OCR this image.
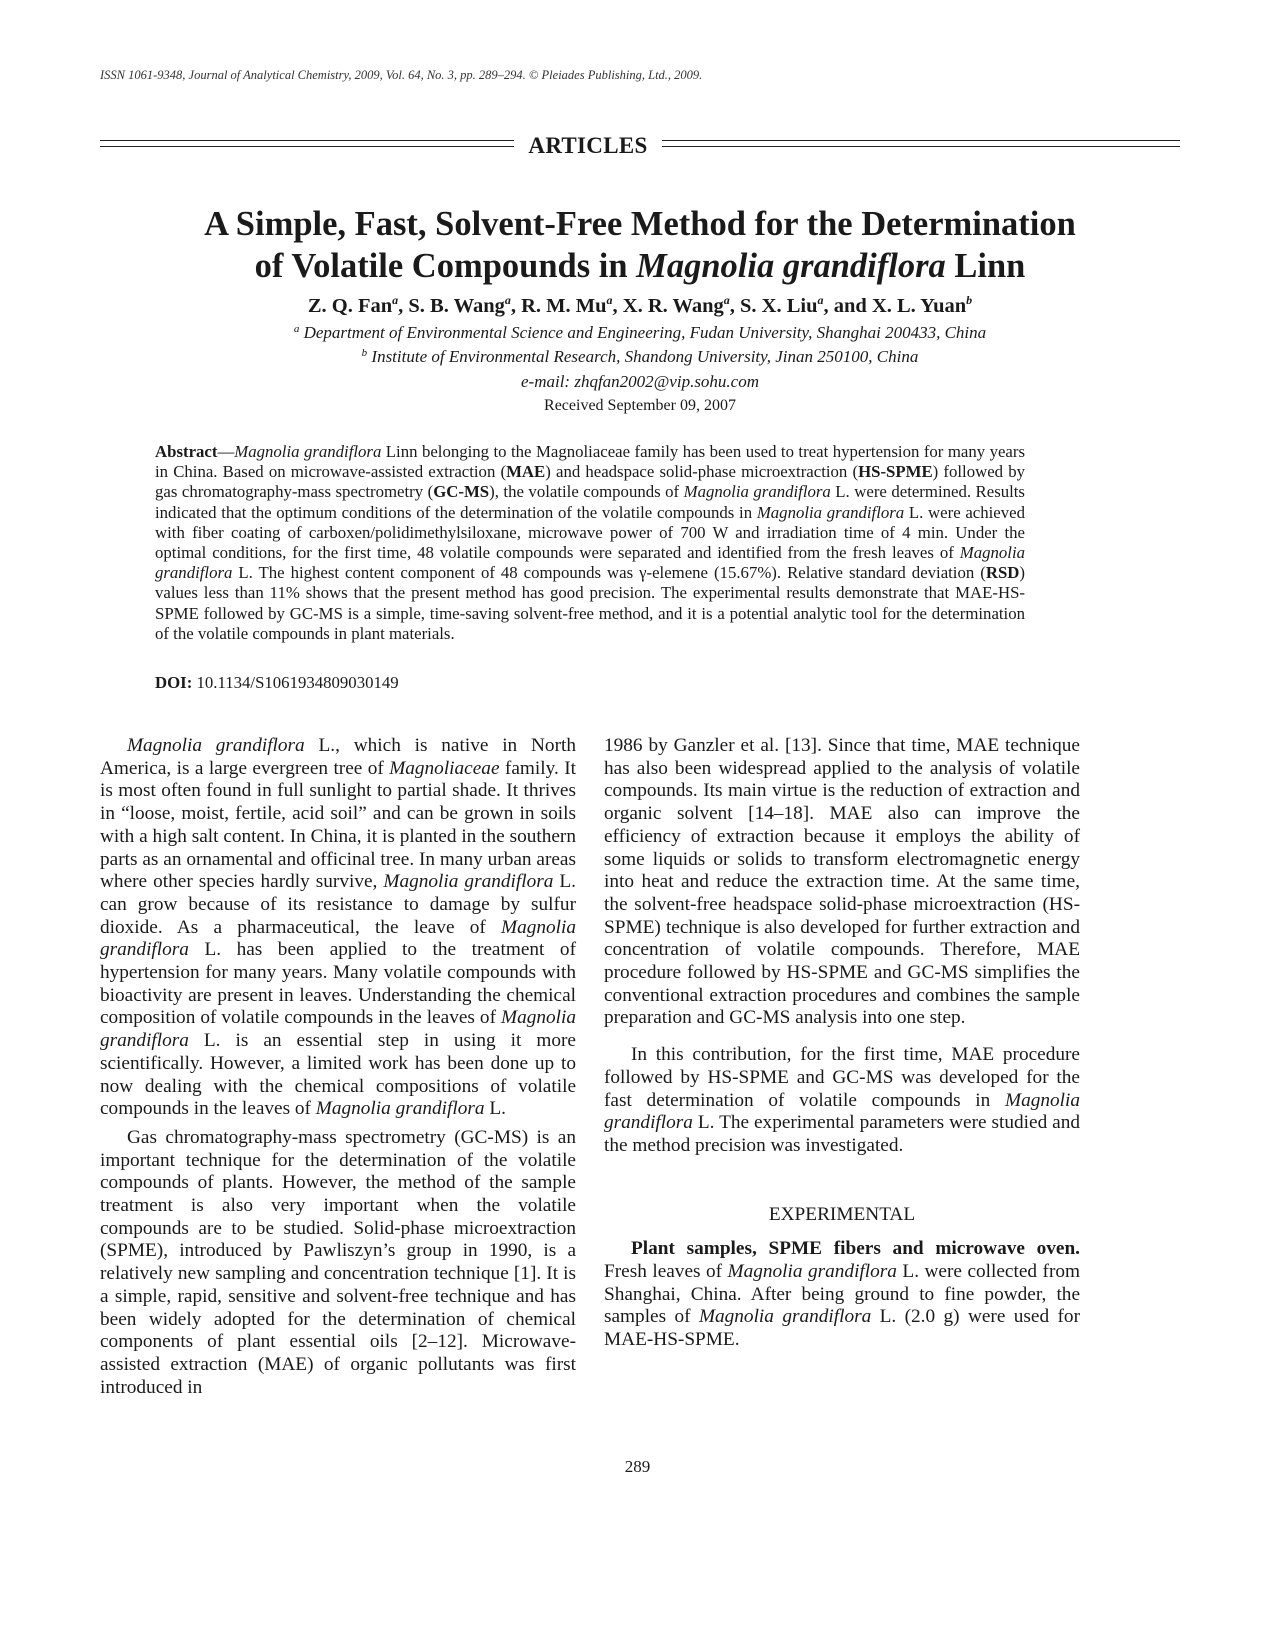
ISSN 1061-9348, Journal of Analytical Chemistry, 2009, Vol. 64, No. 3, pp. 289–294. © Pleiades Publishing, Ltd., 2009.
ARTICLES
A Simple, Fast, Solvent-Free Method for the Determination
of Volatile Compounds in Magnolia grandiflora Linn
Z. Q. Fan$^a$, S. B. Wang$^a$, R. M. Mu$^a$, X. R. Wang$^a$, S. X. Liu$^a$, and X. L. Yuan$^b$
$^a$ Department of Environmental Science and Engineering, Fudan University, Shanghai 200433, China
$^b$ Institute of Environmental Research, Shandong University, Jinan 250100, China
e-mail: zhqfan2002@vip.sohu.com
Received September 09, 2007
Abstract—Magnolia grandiflora Linn belonging to the Magnoliaceae family has been used to treat hypertension for many years in China. Based on microwave-assisted extraction (MAE) and headspace solid-phase microextraction (HS-SPME) followed by gas chromatography-mass spectrometry (GC-MS), the volatile compounds of Magnolia grandiflora L. were determined. Results indicated that the optimum conditions of the determination of the volatile compounds in Magnolia grandiflora L. were achieved with fiber coating of carboxen/polidimethylsiloxane, microwave power of 700 W and irradiation time of 4 min. Under the optimal conditions, for the first time, 48 volatile compounds were separated and identified from the fresh leaves of Magnolia grandiflora L. The highest content component of 48 compounds was γ-elemene (15.67%). Relative standard deviation (RSD) values less than 11% shows that the present method has good precision. The experimental results demonstrate that MAE-HS-SPME followed by GC-MS is a simple, time-saving solvent-free method, and it is a potential analytic tool for the determination of the volatile compounds in plant materials.
DOI: 10.1134/S1061934809030149

Magnolia grandiflora L., which is native in North America, is a large evergreen tree of Magnoliaceae family. It is most often found in full sunlight to partial shade. It thrives in “loose, moist, fertile, acid soil” and can be grown in soils with a high salt content. In China, it is planted in the southern parts as an ornamental and officinal tree. In many urban areas where other species hardly survive, Magnolia grandiflora L. can grow because of its resistance to damage by sulfur dioxide. As a pharmaceutical, the leave of Magnolia grandiflora L. has been applied to the treatment of hypertension for many years. Many volatile compounds with bioactivity are present in leaves. Understanding the chemical composition of volatile compounds in the leaves of Magnolia grandiflora L. is an essential step in using it more scientifically. However, a limited work has been done up to now dealing with the chemical compositions of volatile compounds in the leaves of Magnolia grandiflora L.

Gas chromatography-mass spectrometry (GC-MS) is an important technique for the determination of the volatile compounds of plants. However, the method of the sample treatment is also very important when the volatile compounds are to be studied. Solid-phase microextraction (SPME), introduced by Pawliszyn’s group in 1990, is a relatively new sampling and concentration technique [1]. It is a simple, rapid, sensitive and solvent-free technique and has been widely adopted for the determination of chemical components of plant essential oils [2–12]. Microwave-assisted extraction (MAE) of organic pollutants was first introduced in

1986 by Ganzler et al. [13]. Since that time, MAE technique has also been widespread applied to the analysis of volatile compounds. Its main virtue is the reduction of extraction and organic solvent [14–18]. MAE also can improve the efficiency of extraction because it employs the ability of some liquids or solids to transform electromagnetic energy into heat and reduce the extraction time. At the same time, the solvent-free headspace solid-phase microextraction (HS-SPME) technique is also developed for further extraction and concentration of volatile compounds. Therefore, MAE procedure followed by HS-SPME and GC-MS simplifies the conventional extraction procedures and combines the sample preparation and GC-MS analysis into one step.

In this contribution, for the first time, MAE procedure followed by HS-SPME and GC-MS was developed for the fast determination of volatile compounds in Magnolia grandiflora L. The experimental parameters were studied and the method precision was investigated.

EXPERIMENTAL

Plant samples, SPME fibers and microwave oven. Fresh leaves of Magnolia grandiflora L. were collected from Shanghai, China. After being ground to fine powder, the samples of Magnolia grandiflora L. (2.0 g) were used for MAE-HS-SPME.

289
